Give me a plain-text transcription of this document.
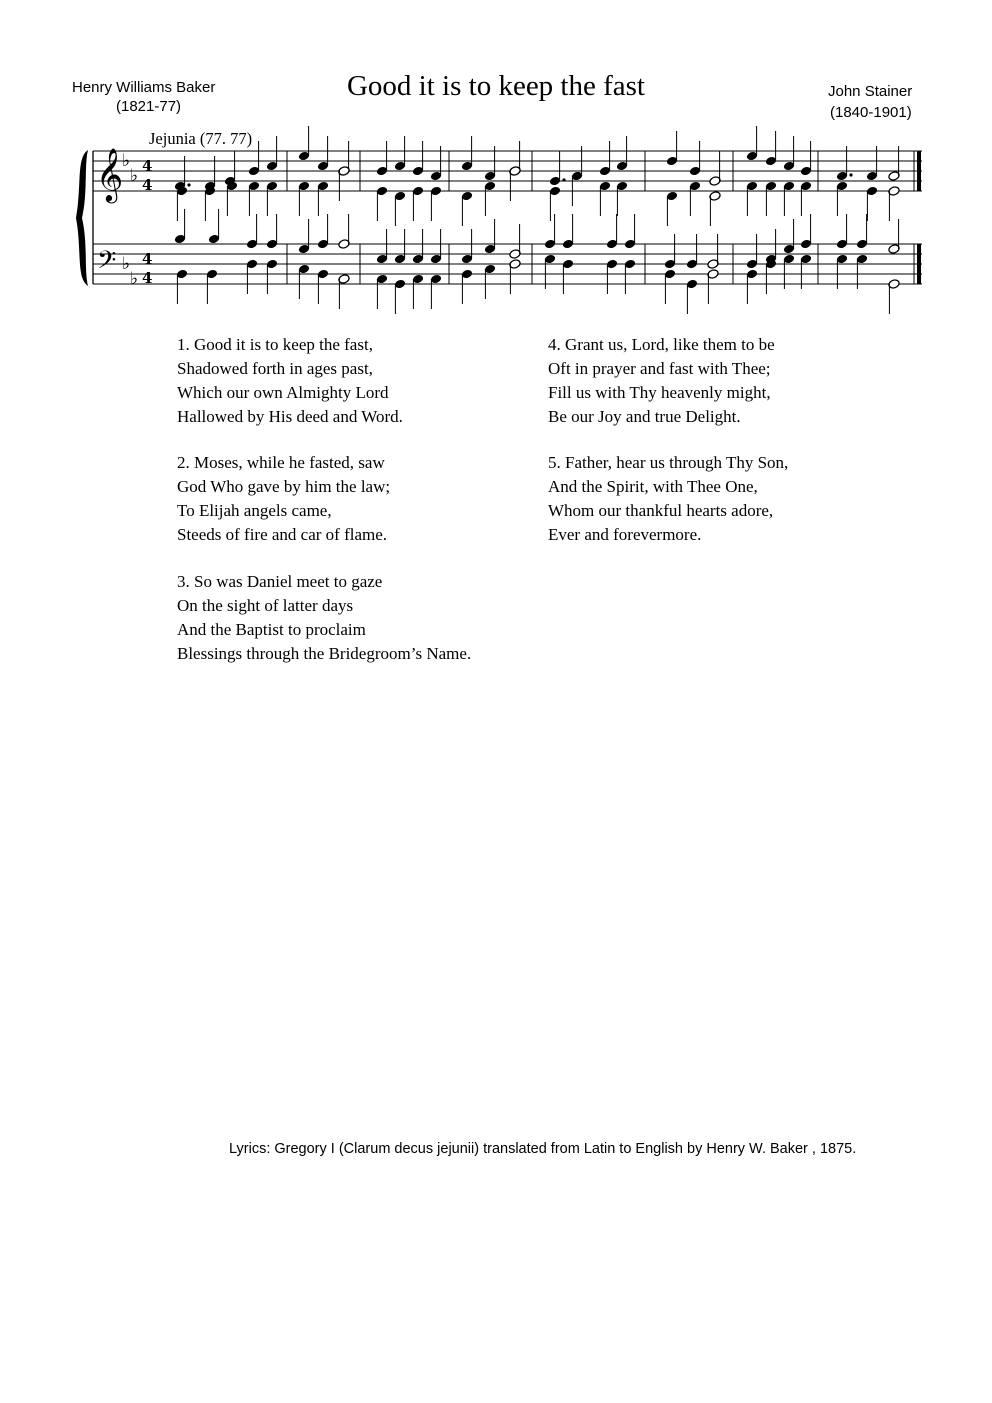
Good it is to keep the fast
Henry Williams Baker
(1821-77)
John Stainer
(1840-1901)
Jejunia (77. 77)
𝄞
𝄢
♭
♭
♭
♭
4
4
4
4
1. Good it is to keep the fast,
Shadowed forth in ages past,
Which our own Almighty Lord
Hallowed by His deed and Word.
2. Moses, while he fasted, saw
God Who gave by him the law;
To Elijah angels came,
Steeds of fire and car of flame.
3. So was Daniel meet to gaze
On the sight of latter days
And the Baptist to proclaim
Blessings through the Bridegroom’s Name.
4. Grant us, Lord, like them to be
Oft in prayer and fast with Thee;
Fill us with Thy heavenly might,
Be our Joy and true Delight.
5. Father, hear us through Thy Son,
And the Spirit, with Thee One,
Whom our thankful hearts adore,
Ever and forevermore.
Lyrics: Gregory I (Clarum decus jejunii) translated from Latin to English by Henry W. Baker , 1875.
